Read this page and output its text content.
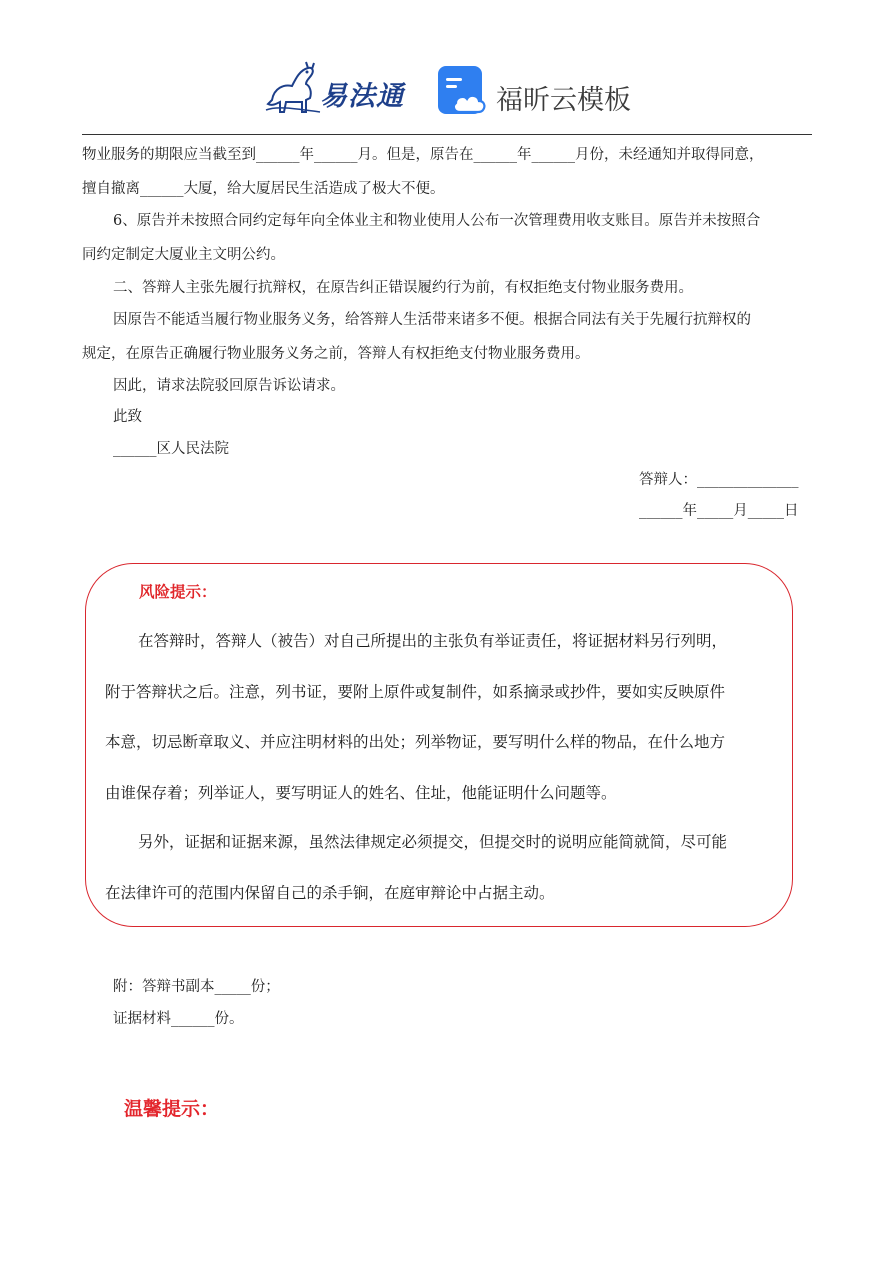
易法通	福昕云模板
物业服务的期限应当截至到______年______月。但是，原告在______年______月份，未经通知并取得同意，
擅自撤离______大厦，给大厦居民生活造成了极大不便。
6、原告并未按照合同约定每年向全体业主和物业使用人公布一次管理费用收支账目。原告并未按照合
同约定制定大厦业主文明公约。
二、答辩人主张先履行抗辩权，在原告纠正错误履约行为前，有权拒绝支付物业服务费用。
因原告不能适当履行物业服务义务，给答辩人生活带来诸多不便。根据合同法有关于先履行抗辩权的
规定，在原告正确履行物业服务义务之前，答辩人有权拒绝支付物业服务费用。
因此，请求法院驳回原告诉讼请求。
此致
______区人民法院
答辩人：______________
______年_____月_____日
风险提示：
在答辩时，答辩人（被告）对自己所提出的主张负有举证责任，将证据材料另行列明，
附于答辩状之后。注意，列书证，要附上原件或复制件，如系摘录或抄件，要如实反映原件
本意，切忌断章取义、并应注明材料的出处；列举物证，要写明什么样的物品，在什么地方
由谁保存着；列举证人，要写明证人的姓名、住址，他能证明什么问题等。
另外，证据和证据来源，虽然法律规定必须提交，但提交时的说明应能简就简，尽可能
在法律许可的范围内保留自己的杀手锏，在庭审辩论中占据主动。
附：答辩书副本_____份；
证据材料______份。
温馨提示：
